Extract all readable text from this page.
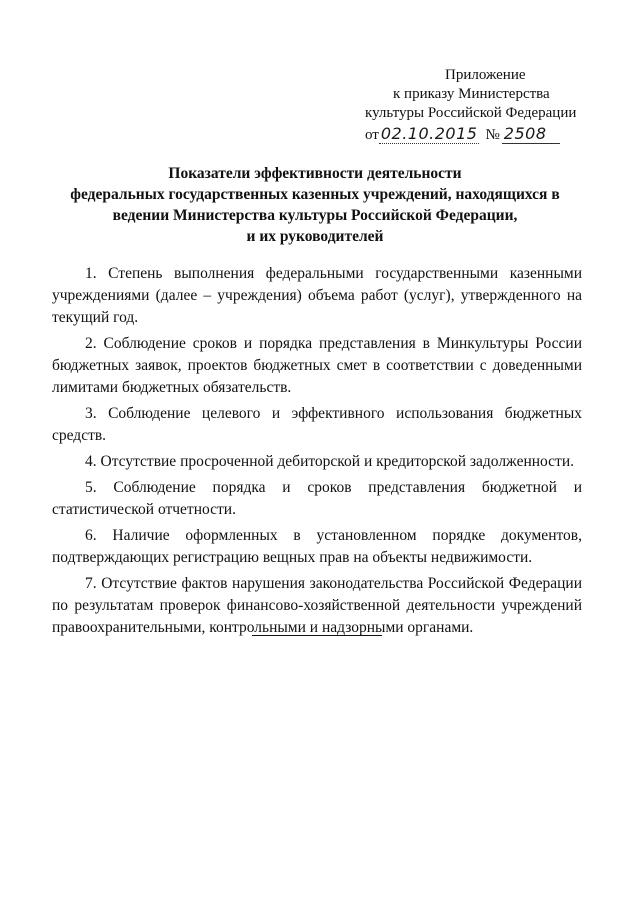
Приложение
к приказу Министерства
культуры Российской Федерации
от 02.10.2015 № 2508
Показатели эффективности деятельности
федеральных государственных казенных учреждений, находящихся в
ведении Министерства культуры Российской Федерации,
и их руководителей

1. Степень выполнения федеральными государственными казенными учреждениями (далее – учреждения) объема работ (услуг), утвержденного на текущий год.

2. Соблюдение сроков и порядка представления в Минкультуры России бюджетных заявок, проектов бюджетных смет в соответствии с доведенными лимитами бюджетных обязательств.

3. Соблюдение целевого и эффективного использования бюджетных средств.

4. Отсутствие просроченной дебиторской и кредиторской задолженности.

5. Соблюдение порядка и сроков представления бюджетной и статистической отчетности.

6. Наличие оформленных в установленном порядке документов, подтверждающих регистрацию вещных прав на объекты недвижимости.

7. Отсутствие фактов нарушения законодательства Российской Федерации по результатам проверок финансово-хозяйственной деятельности учреждений правоохранительными, контрольными и надзорными органами.
